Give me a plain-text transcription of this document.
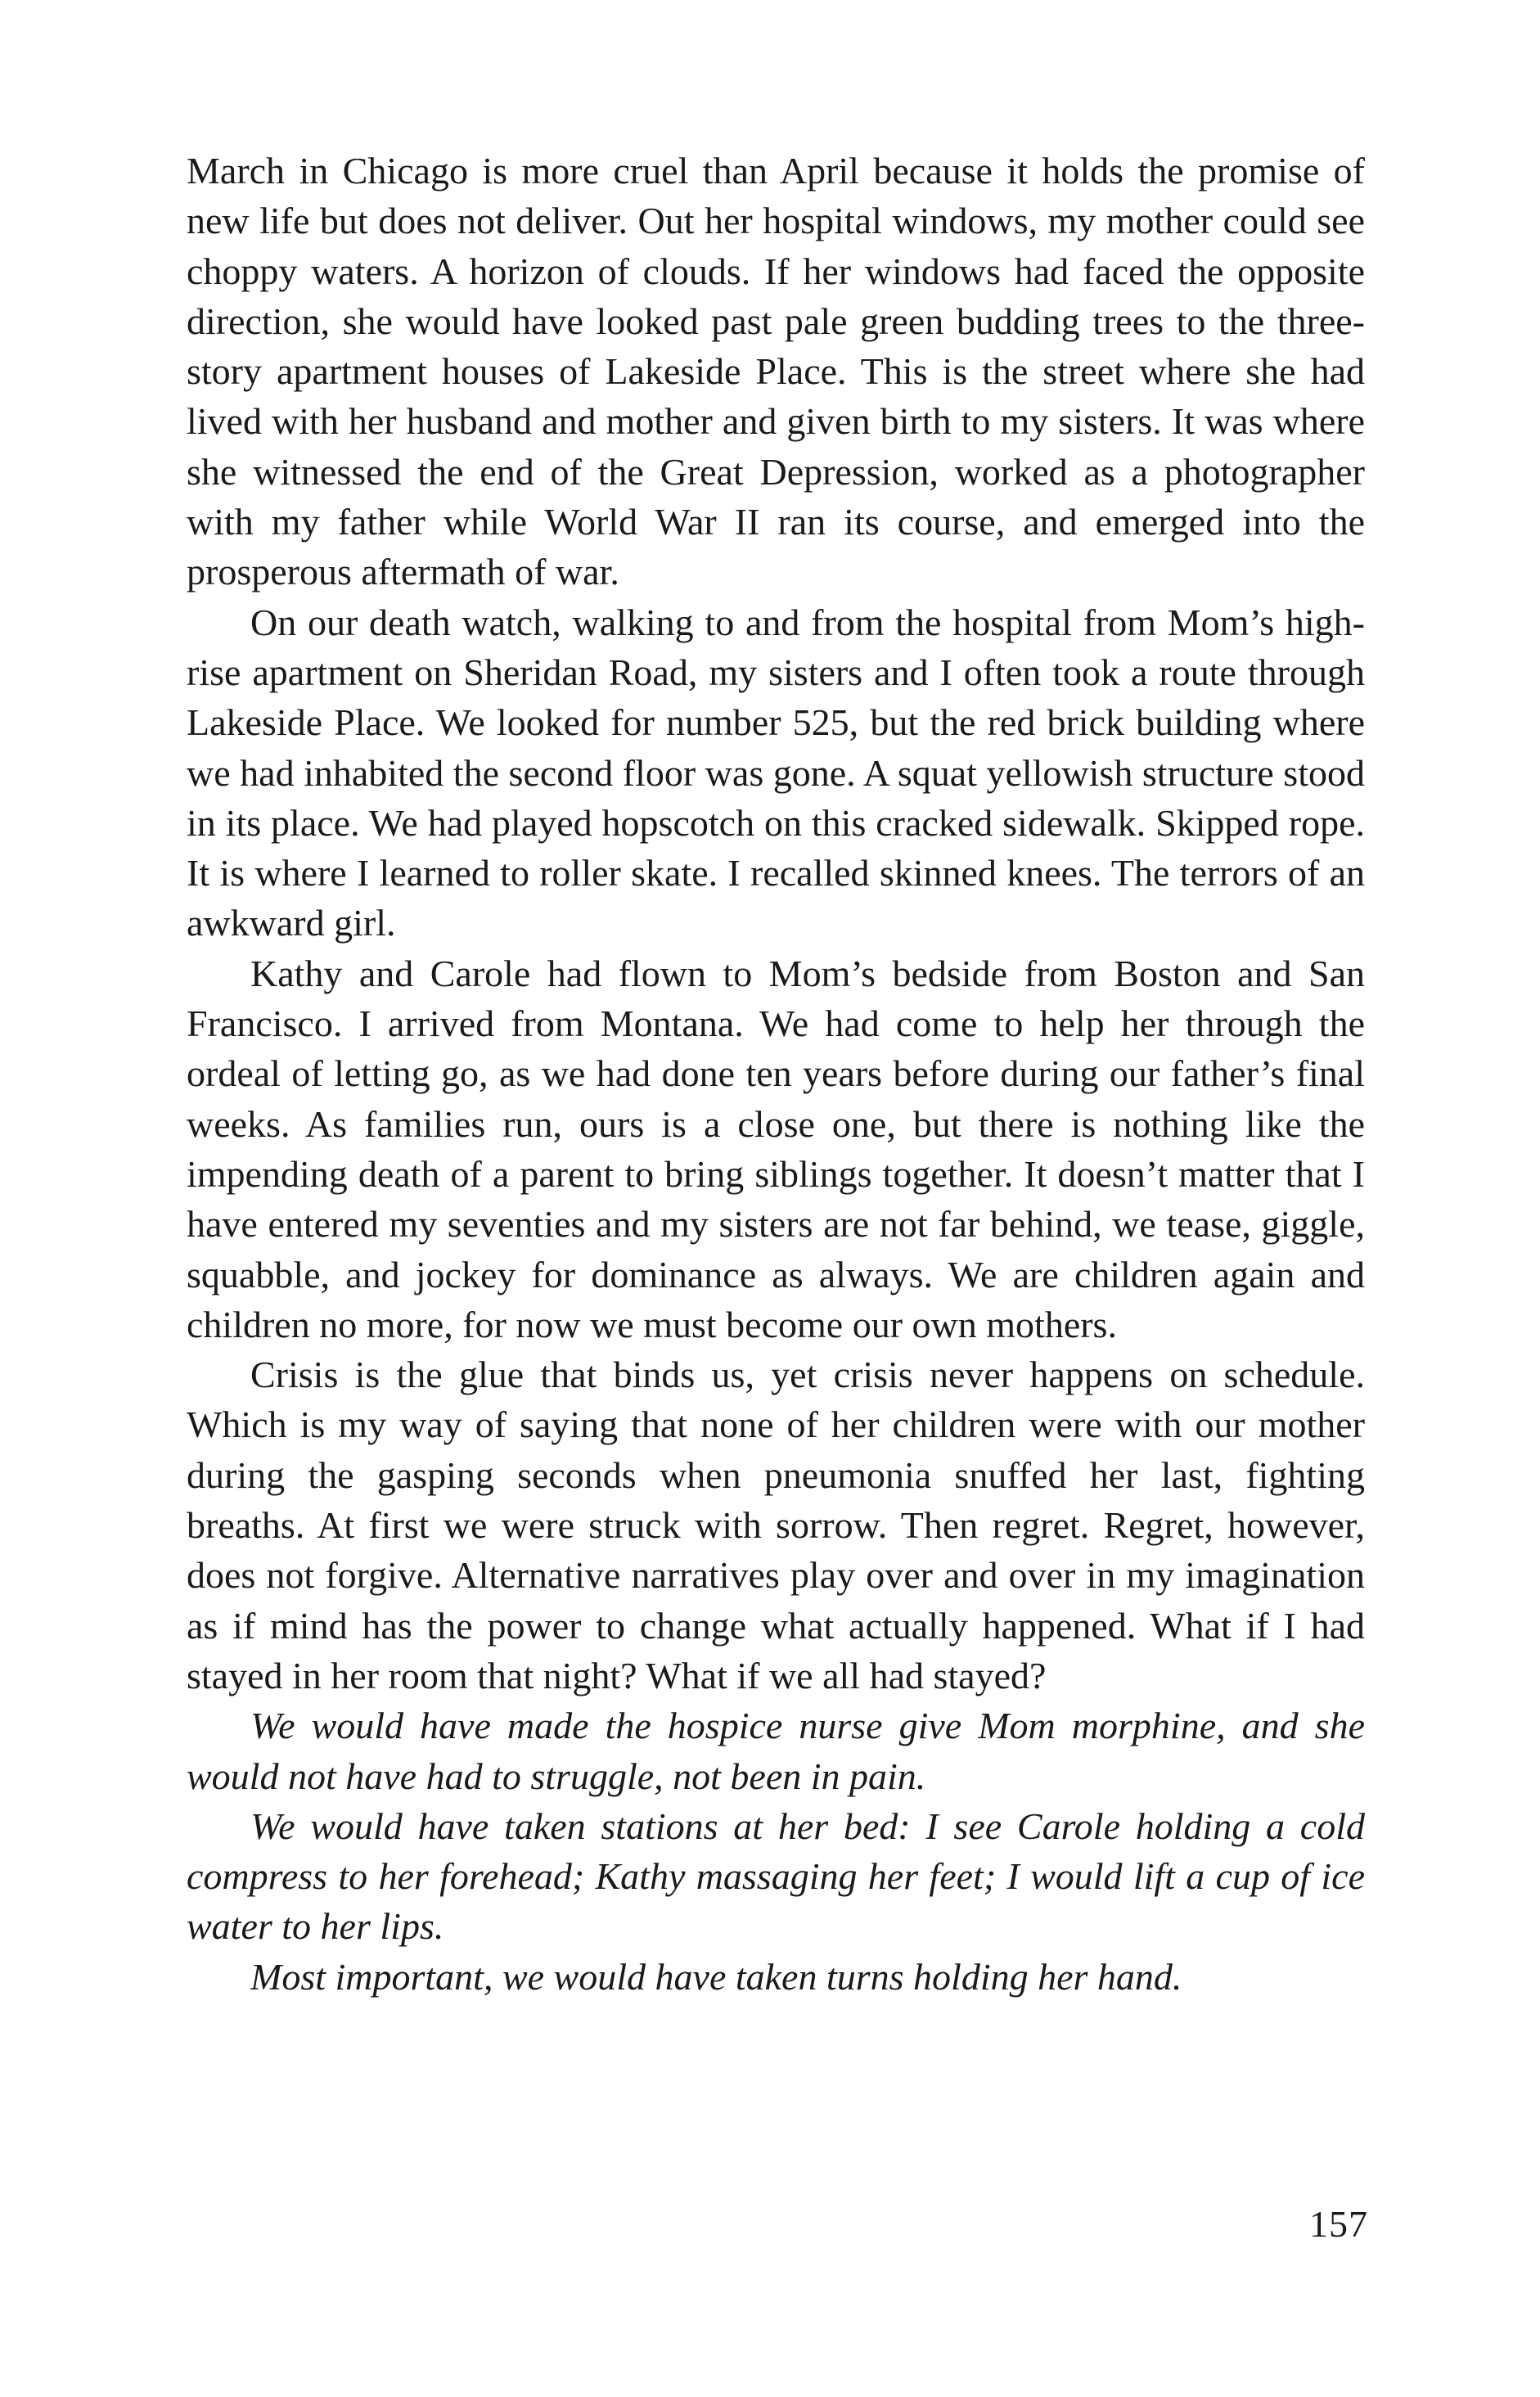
March in Chicago is more cruel than April because it holds the promise of new life but does not deliver. Out her hospital windows, my mother could see choppy waters. A horizon of clouds. If her windows had faced the opposite direction, she would have looked past pale green budding trees to the three-story apartment houses of Lakeside Place. This is the street where she had lived with her husband and mother and given birth to my sisters. It was where she witnessed the end of the Great Depression, worked as a photographer with my father while World War II ran its course, and emerged into the prosperous aftermath of war.

On our death watch, walking to and from the hospital from Mom’s high-rise apartment on Sheridan Road, my sisters and I often took a route through Lakeside Place. We looked for number 525, but the red brick building where we had inhabited the second floor was gone. A squat yellowish structure stood in its place. We had played hopscotch on this cracked sidewalk. Skipped rope. It is where I learned to roller skate. I recalled skinned knees. The terrors of an awkward girl.

Kathy and Carole had flown to Mom’s bedside from Boston and San Francisco. I arrived from Montana. We had come to help her through the ordeal of letting go, as we had done ten years before during our father’s final weeks. As families run, ours is a close one, but there is nothing like the impending death of a parent to bring siblings together. It doesn’t matter that I have entered my seventies and my sisters are not far behind, we tease, giggle, squabble, and jockey for dominance as always. We are children again and children no more, for now we must become our own mothers.

Crisis is the glue that binds us, yet crisis never happens on schedule. Which is my way of saying that none of her children were with our mother during the gasping seconds when pneumonia snuffed her last, fighting breaths. At first we were struck with sorrow. Then regret. Regret, however, does not forgive. Alternative narratives play over and over in my imagination as if mind has the power to change what actually happened. What if I had stayed in her room that night? What if we all had stayed?

We would have made the hospice nurse give Mom morphine, and she would not have had to struggle, not been in pain.

We would have taken stations at her bed: I see Carole holding a cold compress to her forehead; Kathy massaging her feet; I would lift a cup of ice water to her lips.

Most important, we would have taken turns holding her hand.

157
